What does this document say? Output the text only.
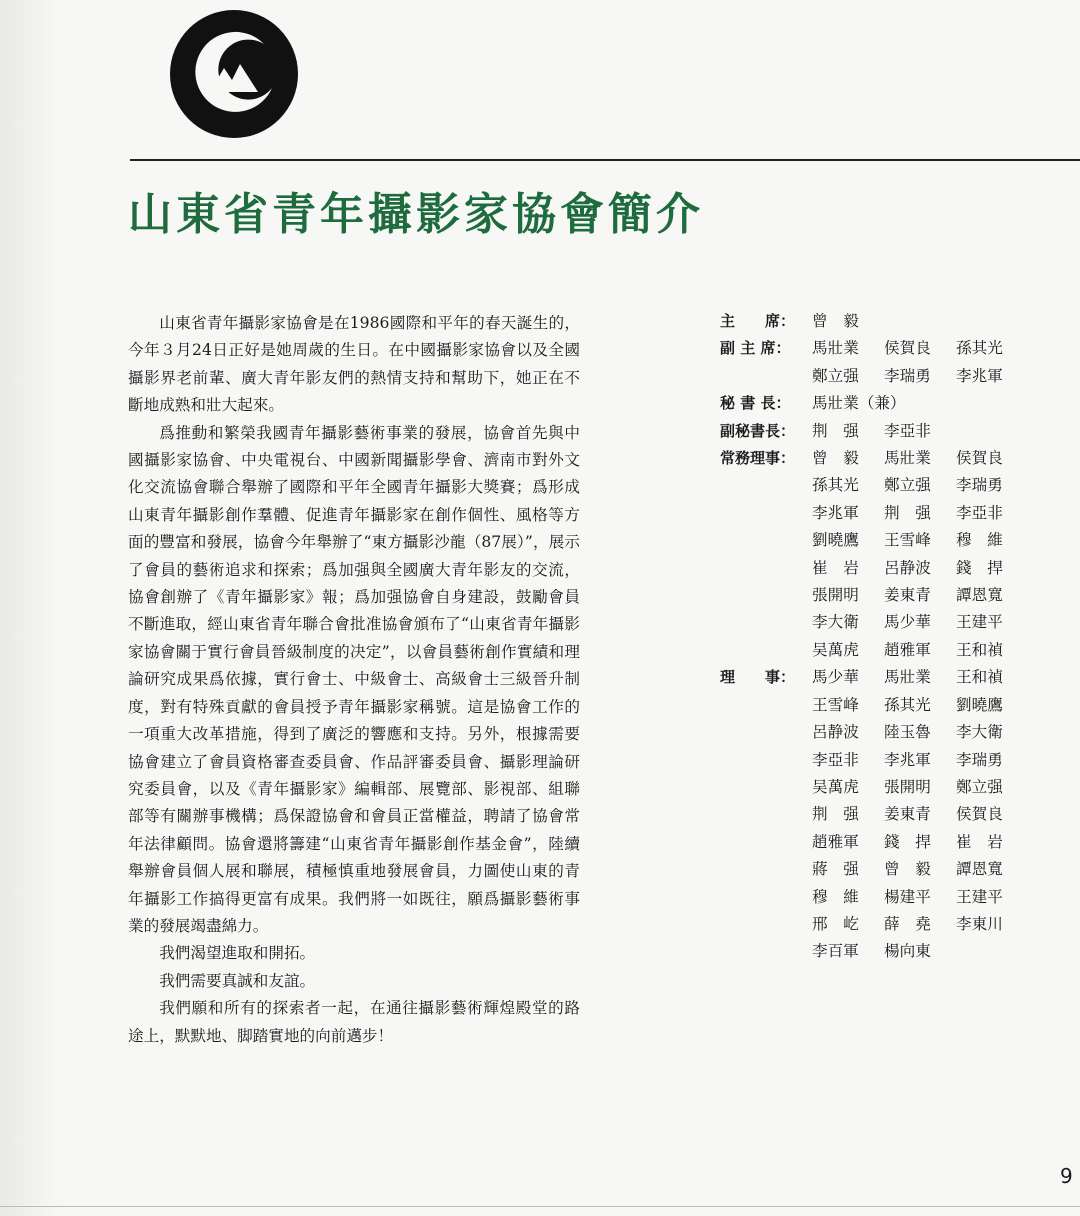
山東省青年攝影家協會簡介

山東省青年攝影家協會是在1986國際和平年的春天誕生的，今年３月24日正好是她周歲的生日。在中國攝影家協會以及全國攝影界老前輩、廣大青年影友們的熱情支持和幫助下，她正在不斷地成熟和壯大起來。

爲推動和繁榮我國青年攝影藝術事業的發展，協會首先與中國攝影家協會、中央電視台、中國新聞攝影學會、濟南市對外文化交流協會聯合舉辦了國際和平年全國青年攝影大獎賽；爲形成山東青年攝影創作羣體、促進青年攝影家在創作個性、風格等方面的豐富和發展，協會今年舉辦了“東方攝影沙龍（87展）”，展示了會員的藝術追求和探索；爲加强與全國廣大青年影友的交流，協會創辦了《青年攝影家》報；爲加强協會自身建設，鼓勵會員不斷進取，經山東省青年聯合會批准協會頒布了“山東省青年攝影家協會關于實行會員晉級制度的决定”，以會員藝術創作實績和理論研究成果爲依據，實行會士、中級會士、高級會士三級晉升制度，對有特殊貢獻的會員授予青年攝影家稱號。這是協會工作的一項重大改革措施，得到了廣泛的響應和支持。另外，根據需要協會建立了會員資格審查委員會、作品評審委員會、攝影理論研究委員會，以及《青年攝影家》編輯部、展覽部、影視部、組聯部等有關辦事機構；爲保證協會和會員正當權益，聘請了協會常年法律顧問。協會還將籌建“山東省青年攝影創作基金會”，陸續舉辦會員個人展和聯展，積極慎重地發展會員，力圖使山東的青年攝影工作搞得更富有成果。我們將一如既往，願爲攝影藝術事業的發展竭盡綿力。

我們渴望進取和開拓。

我們需要真誠和友誼。

我們願和所有的探索者一起，在通往攝影藝術輝煌殿堂的路途上，默默地、脚踏實地的向前邁步！

主　　席：	曾　毅
副 主 席：	馬壯業	侯賀良	孫其光
鄭立强	李瑞勇	李兆軍
秘 書 長：	馬壯業（兼）
副秘書長：	荆　强	李亞非
常務理事：	曾　毅	馬壯業	侯賀良
孫其光	鄭立强	李瑞勇
李兆軍	荆　强	李亞非
劉曉鷹	王雪峰	穆　維
崔　岩	呂静波	錢　捍
張開明	姜東青	譚恩寬
李大衛	馬少華	王建平
吴萬虎	趙雅軍	王和禎
理　　事：	馬少華	馬壯業	王和禎
王雪峰	孫其光	劉曉鷹
呂静波	陸玉魯	李大衛
李亞非	李兆軍	李瑞勇
吴萬虎	張開明	鄭立强
荆　强	姜東青	侯賀良
趙雅軍	錢　捍	崔　岩
蔣　强	曾　毅	譚恩寬
穆　維	楊建平	王建平
邢　屹	薛　堯	李東川
李百軍	楊向東
9
